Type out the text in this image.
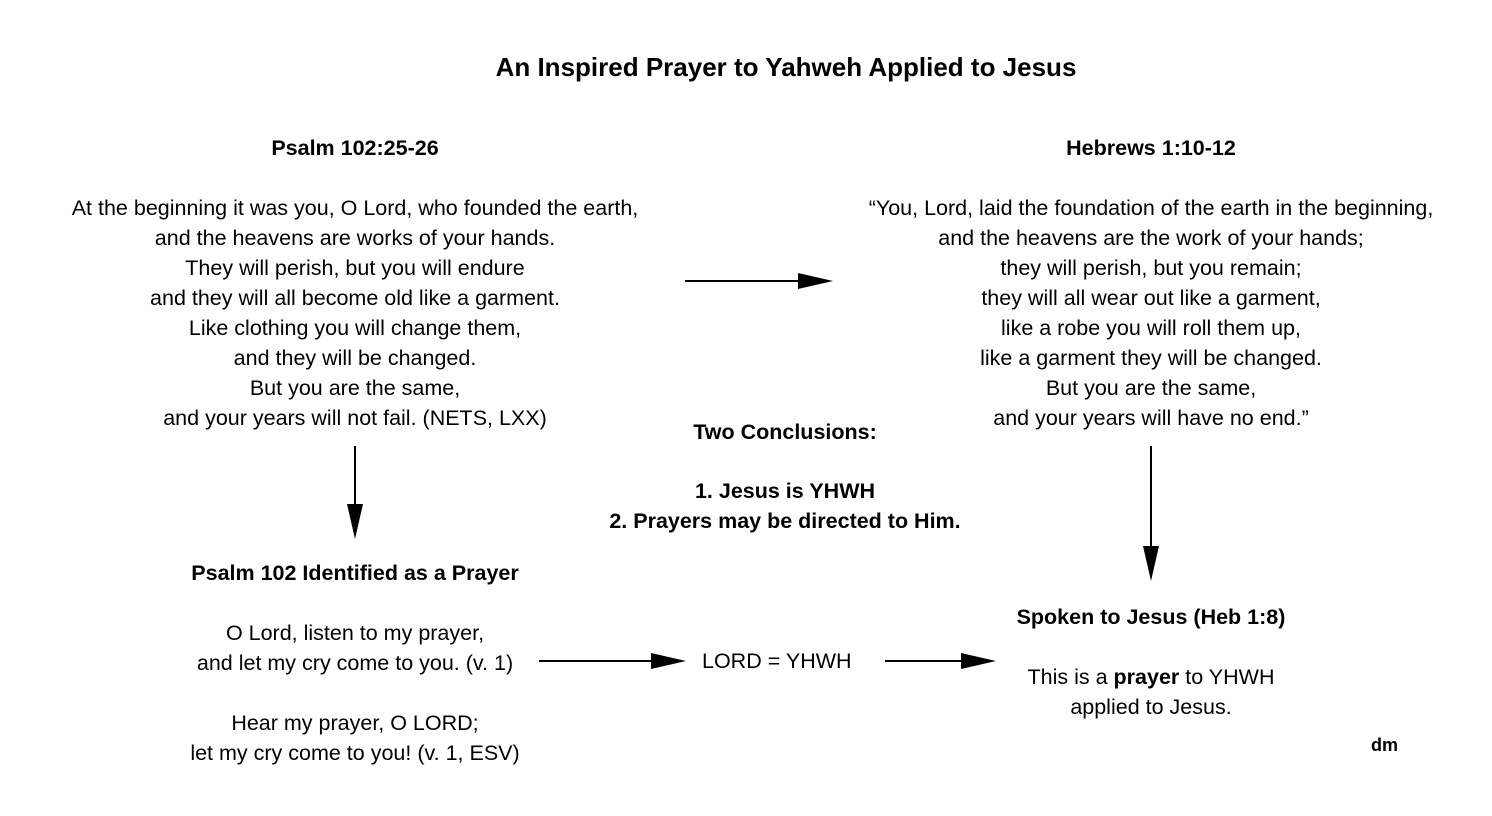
An Inspired Prayer to Yahweh Applied to Jesus
Psalm 102:25-26
At the beginning it was you, O Lord, who founded the earth,
and the heavens are works of your hands.
They will perish, but you will endure
and they will all become old like a garment.
Like clothing you will change them,
and they will be changed.
But you are the same,
and your years will not fail. (NETS, LXX)
Hebrews 1:10-12
“You, Lord, laid the foundation of the earth in the beginning,
and the heavens are the work of your hands;
they will perish, but you remain;
they will all wear out like a garment,
like a robe you will roll them up,
like a garment they will be changed.
But you are the same,
and your years will have no end.”
Two Conclusions:
1. Jesus is YHWH
2. Prayers may be directed to Him.
Psalm 102 Identified as a Prayer
O Lord, listen to my prayer,
and let my cry come to you. (v. 1)
Hear my prayer, O LORD;
let my cry come to you! (v. 1, ESV)
LORD = YHWH
Spoken to Jesus (Heb 1:8)
This is a prayer to YHWH
applied to Jesus.
dm
